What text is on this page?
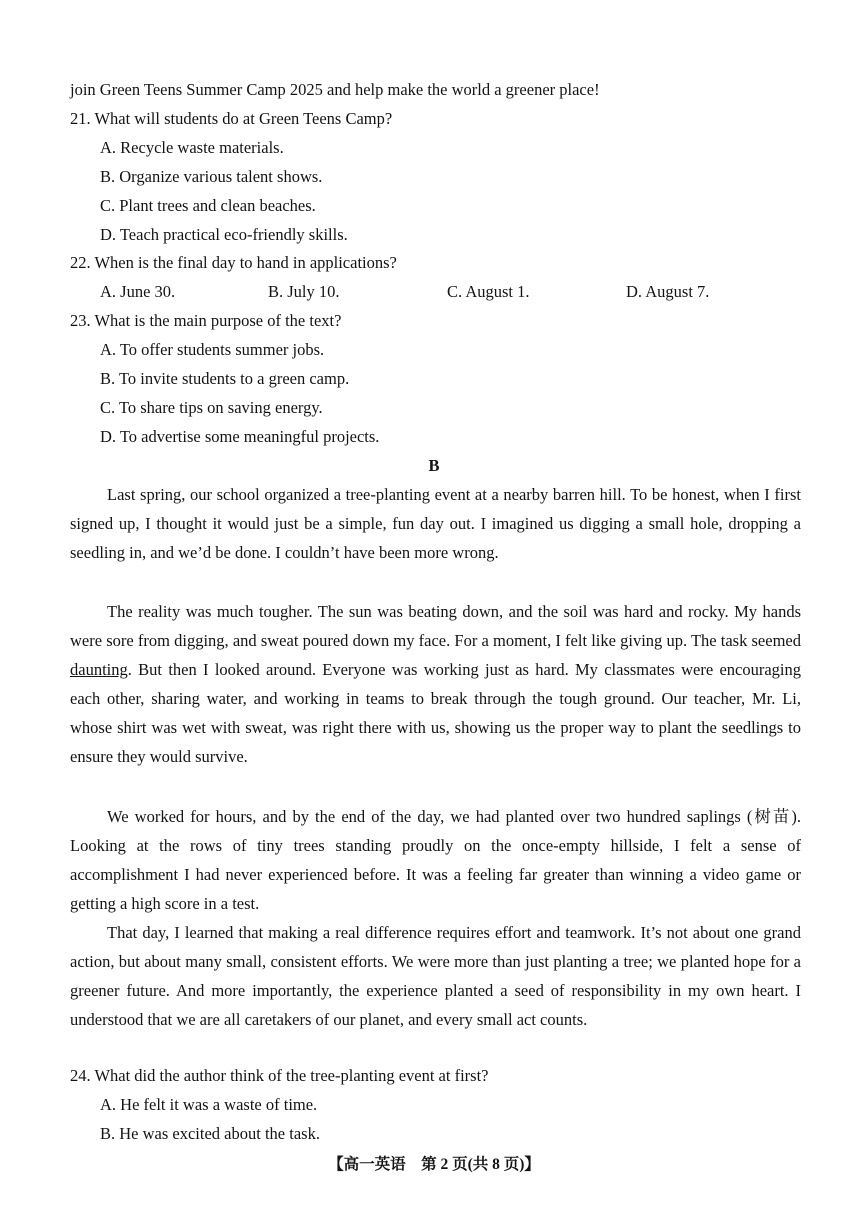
join Green Teens Summer Camp 2025 and help make the world a greener place!
21. What will students do at Green Teens Camp?
A. Recycle waste materials.
B. Organize various talent shows.
C. Plant trees and clean beaches.
D. Teach practical eco-friendly skills.
22. When is the final day to hand in applications?
A. June 30.	B. July 10.	C. August 1.	D. August 7.
23. What is the main purpose of the text?
A. To offer students summer jobs.
B. To invite students to a green camp.
C. To share tips on saving energy.
D. To advertise some meaningful projects.
B
Last spring, our school organized a tree-planting event at a nearby barren hill. To be honest, when I first signed up, I thought it would just be a simple, fun day out. I imagined us digging a small hole, dropping a seedling in, and we’d be done. I couldn’t have been more wrong.
The reality was much tougher. The sun was beating down, and the soil was hard and rocky. My hands were sore from digging, and sweat poured down my face. For a moment, I felt like giving up. The task seemed daunting. But then I looked around. Everyone was working just as hard. My classmates were encouraging each other, sharing water, and working in teams to break through the tough ground. Our teacher, Mr. Li, whose shirt was wet with sweat, was right there with us, showing us the proper way to plant the seedlings to ensure they would survive.
We worked for hours, and by the end of the day, we had planted over two hundred saplings (树苗). Looking at the rows of tiny trees standing proudly on the once-empty hillside, I felt a sense of accomplishment I had never experienced before. It was a feeling far greater than winning a video game or getting a high score in a test.
That day, I learned that making a real difference requires effort and teamwork. It’s not about one grand action, but about many small, consistent efforts. We were more than just planting a tree; we planted hope for a greener future. And more importantly, the experience planted a seed of responsibility in my own heart. I understood that we are all caretakers of our planet, and every small act counts.
24. What did the author think of the tree-planting event at first?
A. He felt it was a waste of time.
B. He was excited about the task.
【高一英语　第 2 页(共 8 页)】
